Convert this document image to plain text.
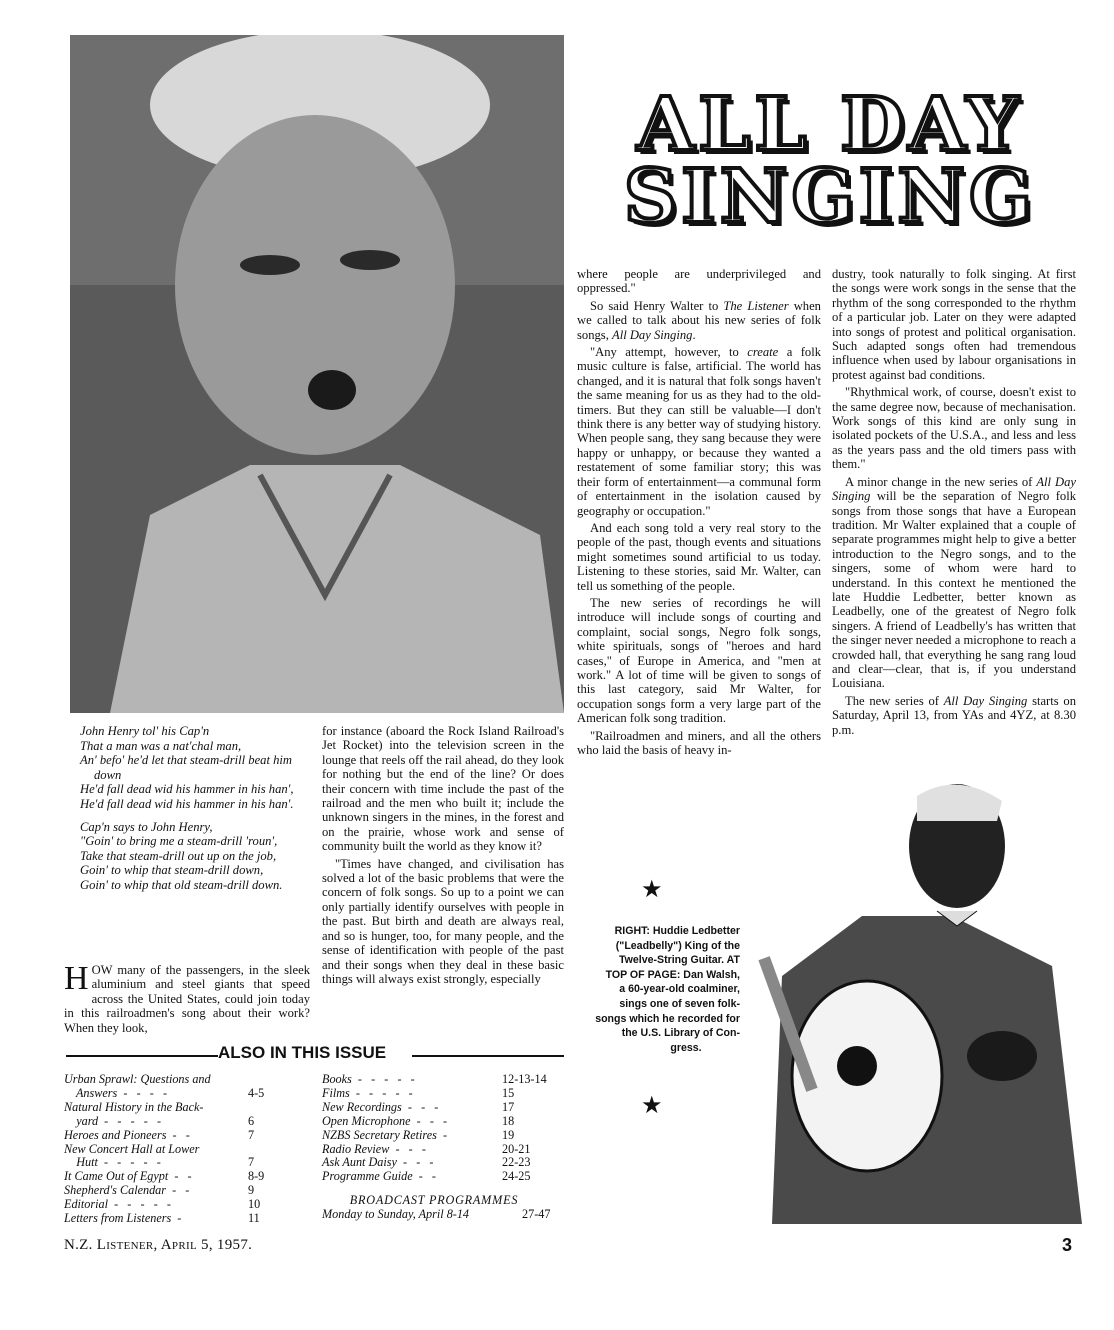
ALL DAY
SINGING
John Henry tol' his Cap'n
That a man was a nat'chal man,
An' befo' he'd let that steam-drill beat him down
He'd fall dead wid his hammer in his han',
He'd fall dead wid his hammer in his han'.
Cap'n says to John Henry,
"Goin' to bring me a steam-drill 'roun',
Take that steam-drill out up on the job,
Goin' to whip that steam-drill down,
Goin' to whip that old steam-drill down.

HOW many of the passengers, in the sleek aluminium and steel giants that speed across the United States, could join today in this railroadmen's song about their work? When they look,

for instance (aboard the Rock Island Railroad's Jet Rocket) into the television screen in the lounge that reels off the rail ahead, do they look for nothing but the end of the line? Or does their concern with time include the past of the railroad and the men who built it; include the unknown singers in the mines, in the forest and on the prairie, whose work and sense of community built the world as they know it?

"Times have changed, and civilisation has solved a lot of the basic problems that were the concern of folk songs. So up to a point we can only partially identify ourselves with people in the past. But birth and death are always real, and so is hunger, too, for many people, and the sense of identification with people of the past and their songs when they deal in these basic things will always exist strongly, especially

where people are underprivileged and oppressed."

So said Henry Walter to The Listener when we called to talk about his new series of folk songs, All Day Singing.

"Any attempt, however, to create a folk music culture is false, artificial. The world has changed, and it is natural that folk songs haven't the same meaning for us as they had to the old-timers. But they can still be valuable—I don't think there is any better way of studying history. When people sang, they sang because they were happy or unhappy, or because they wanted a restatement of some familiar story; this was their form of entertainment—a communal form of entertainment in the isolation caused by geography or occupation."

And each song told a very real story to the people of the past, though events and situations might sometimes sound artificial to us today. Listening to these stories, said Mr. Walter, can tell us something of the people.

The new series of recordings he will introduce will include songs of courting and complaint, social songs, Negro folk songs, white spirituals, songs of "heroes and hard cases," of Europe in America, and "men at work." A lot of time will be given to songs of this last category, said Mr Walter, for occupation songs form a very large part of the American folk song tradition.

"Railroadmen and miners, and all the others who laid the basis of heavy in-

dustry, took naturally to folk singing. At first the songs were work songs in the sense that the rhythm of the song corresponded to the rhythm of a particular job. Later on they were adapted into songs of protest and political organisation. Such adapted songs often had tremendous influence when used by labour organisations in protest against bad conditions.

"Rhythmical work, of course, doesn't exist to the same degree now, because of mechanisation. Work songs of this kind are only sung in isolated pockets of the U.S.A., and less and less as the years pass and the old timers pass with them."

A minor change in the new series of All Day Singing will be the separation of Negro folk songs from those songs that have a European tradition. Mr Walter explained that a couple of separate programmes might help to give a better introduction to the Negro songs, and to the singers, some of whom were hard to understand. In this context he mentioned the late Huddie Ledbetter, better known as Leadbelly, one of the greatest of Negro folk singers. A friend of Leadbelly's has written that the singer never needed a microphone to reach a crowded hall, that everything he sang rang loud and clear—clear, that is, if you understand Louisiana.

The new series of All Day Singing starts on Saturday, April 13, from YAs and 4YZ, at 8.30 p.m.

★
RIGHT: Huddie Ledbetter
("Leadbelly") King of the
Twelve-String Guitar. AT
TOP OF PAGE: Dan Walsh,
a 60-year-old coalminer,
sings one of seven folk-
songs which he recorded for
the U.S. Library of Con-
gress.
★
ALSO IN THIS ISSUE
Urban Sprawl: Questions and
Answers  -   -   -   -	4-5
Natural History in the Back-
yard  -   -   -   -   -	6
Heroes and Pioneers  -   -	7
New Concert Hall at Lower
Hutt  -   -   -   -   -	7
It Came Out of Egypt  -   -	8-9
Shepherd's Calendar  -   -	9
Editorial  -   -   -   -   -	10
Letters from Listeners  -	11
Books  -   -   -   -   -	12-13-14
Films  -   -   -   -   -	15
New Recordings  -   -   -	17
Open Microphone  -   -   -	18
NZBS Secretary Retires  -	19
Radio Review  -   -   -	20-21
Ask Aunt Daisy  -   -   -	22-23
Programme Guide  -   -	24-25
BROADCAST PROGRAMMES
Monday to Sunday, April 8-14	27-47
N.Z. Listener, April 5, 1957.	3
